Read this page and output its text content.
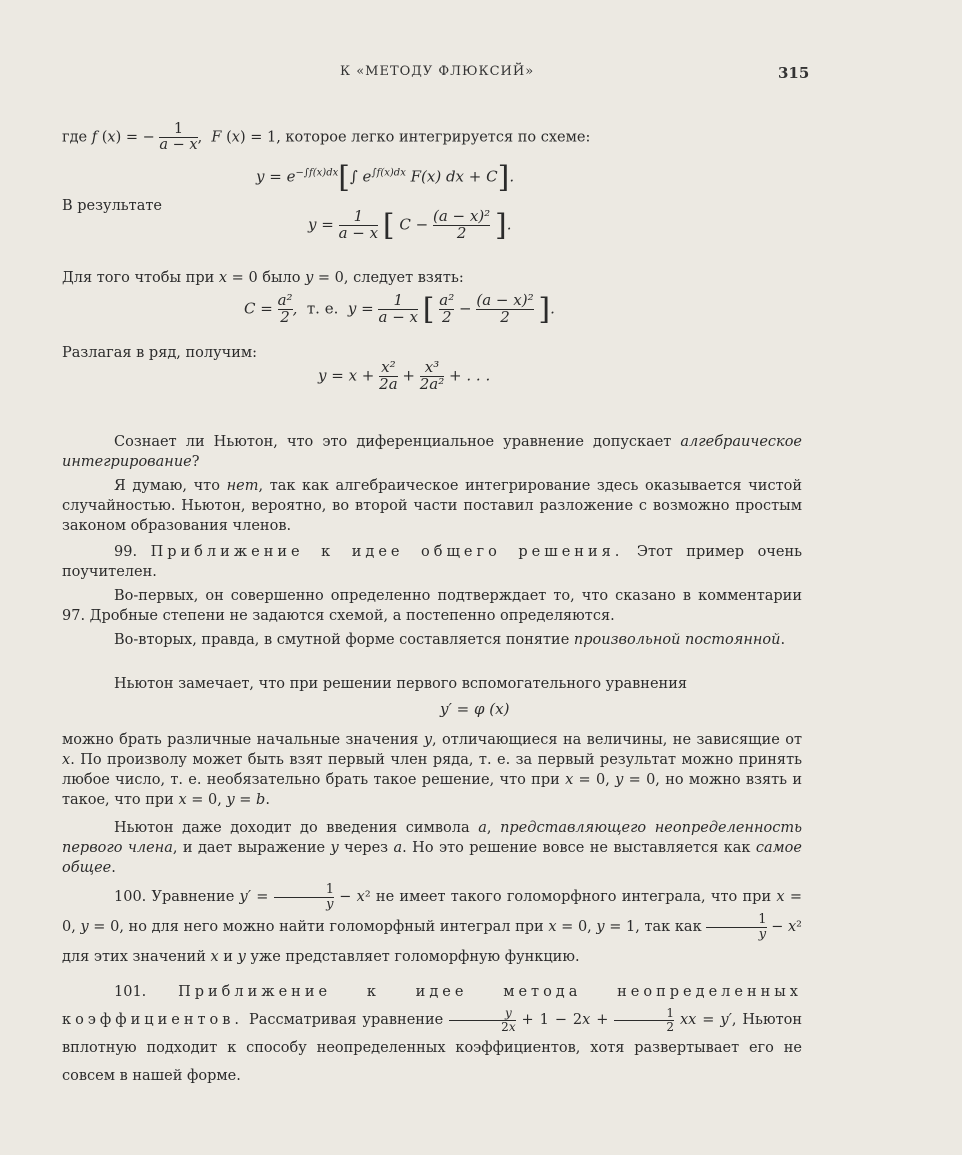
К «МЕТОДУ ФЛЮКСИЙ»	315
где f (x) = − $\frac{1}{a - x}$ ,  F (x) = 1, которое легко интегрируется по схеме:
$y = e^{-\int f(x)dx}[\int$ $e^{\int f(x)dx}$ F(x) dx + C].
В результате
$y = \frac{1}{a - x}$ [ $C - \frac{\text{(a − x)²}}{2}$ ].
Для того чтобы при x = 0 было y = 0, следует взять:
$C = \frac{\text{a²}}{2}$ ,  т. е.  $y = \frac{1}{a - x}$ [ $\frac{\text{a²}}{2} - \frac{\text{(a − x)²}}{2}$ ].
Разлагая в ряд, получим:
$y = x + \frac{\text{x²}}{2a} + \frac{\text{x³}}{\text{2a²}}$ + . . .
Сознает ли Ньютон, что это диференциальное уравнение допускает алгебраическое интегрирование?
Я думаю, что нет, так как алгебраическое интегрирование здесь оказывается чистой случайностью. Ньютон, вероятно, во второй части поставил разложение с возможно простым законом образования членов.
99. Приближение к идее общего решения. Этот пример очень поучителен.
Во-первых, он совершенно определенно подтверждает то, что сказано в комментарии 97. Дробные степени не задаются схемой, а постепенно определяются.
Во-вторых, правда, в смутной форме составляется понятие произвольной постоянной.
Ньютон замечает, что при решении первого вспомогательного уравнения
y′ = φ (x)
можно брать различные начальные значения y, отличающиеся на величины, не зависящие от x. По произволу может быть взят первый член ряда, т. е. за первый результат можно принять любое число, т. е. необязательно брать такое решение, что при x = 0, y = 0, но можно взять и такое, что при x = 0, y = b.
Ньютон даже доходит до введения символа a, представляющего неопределенность первого члена, и дает выражение y через a. Но это решение вовсе не выставляется как самое общее.
100. Уравнение $y' = \frac{1}{y} - x^2$ не имеет такого голоморфного интеграла, что при x = 0, y = 0, но для него можно найти голоморфный интеграл при x = 0, y = 1, так как $\frac{1}{y} - x^2$ для этих значений x и y уже представляет голоморфную функцию.
101. Приближение к идее метода неопределенных коэффициентов. Рассматривая уравнение $\frac{y}{2x} + 1 - 2x + \frac{1}{2}$ xx = y′, Ньютон вплотную подходит к способу неопределенных коэффициентов, хотя развертывает его не совсем в нашей форме.
